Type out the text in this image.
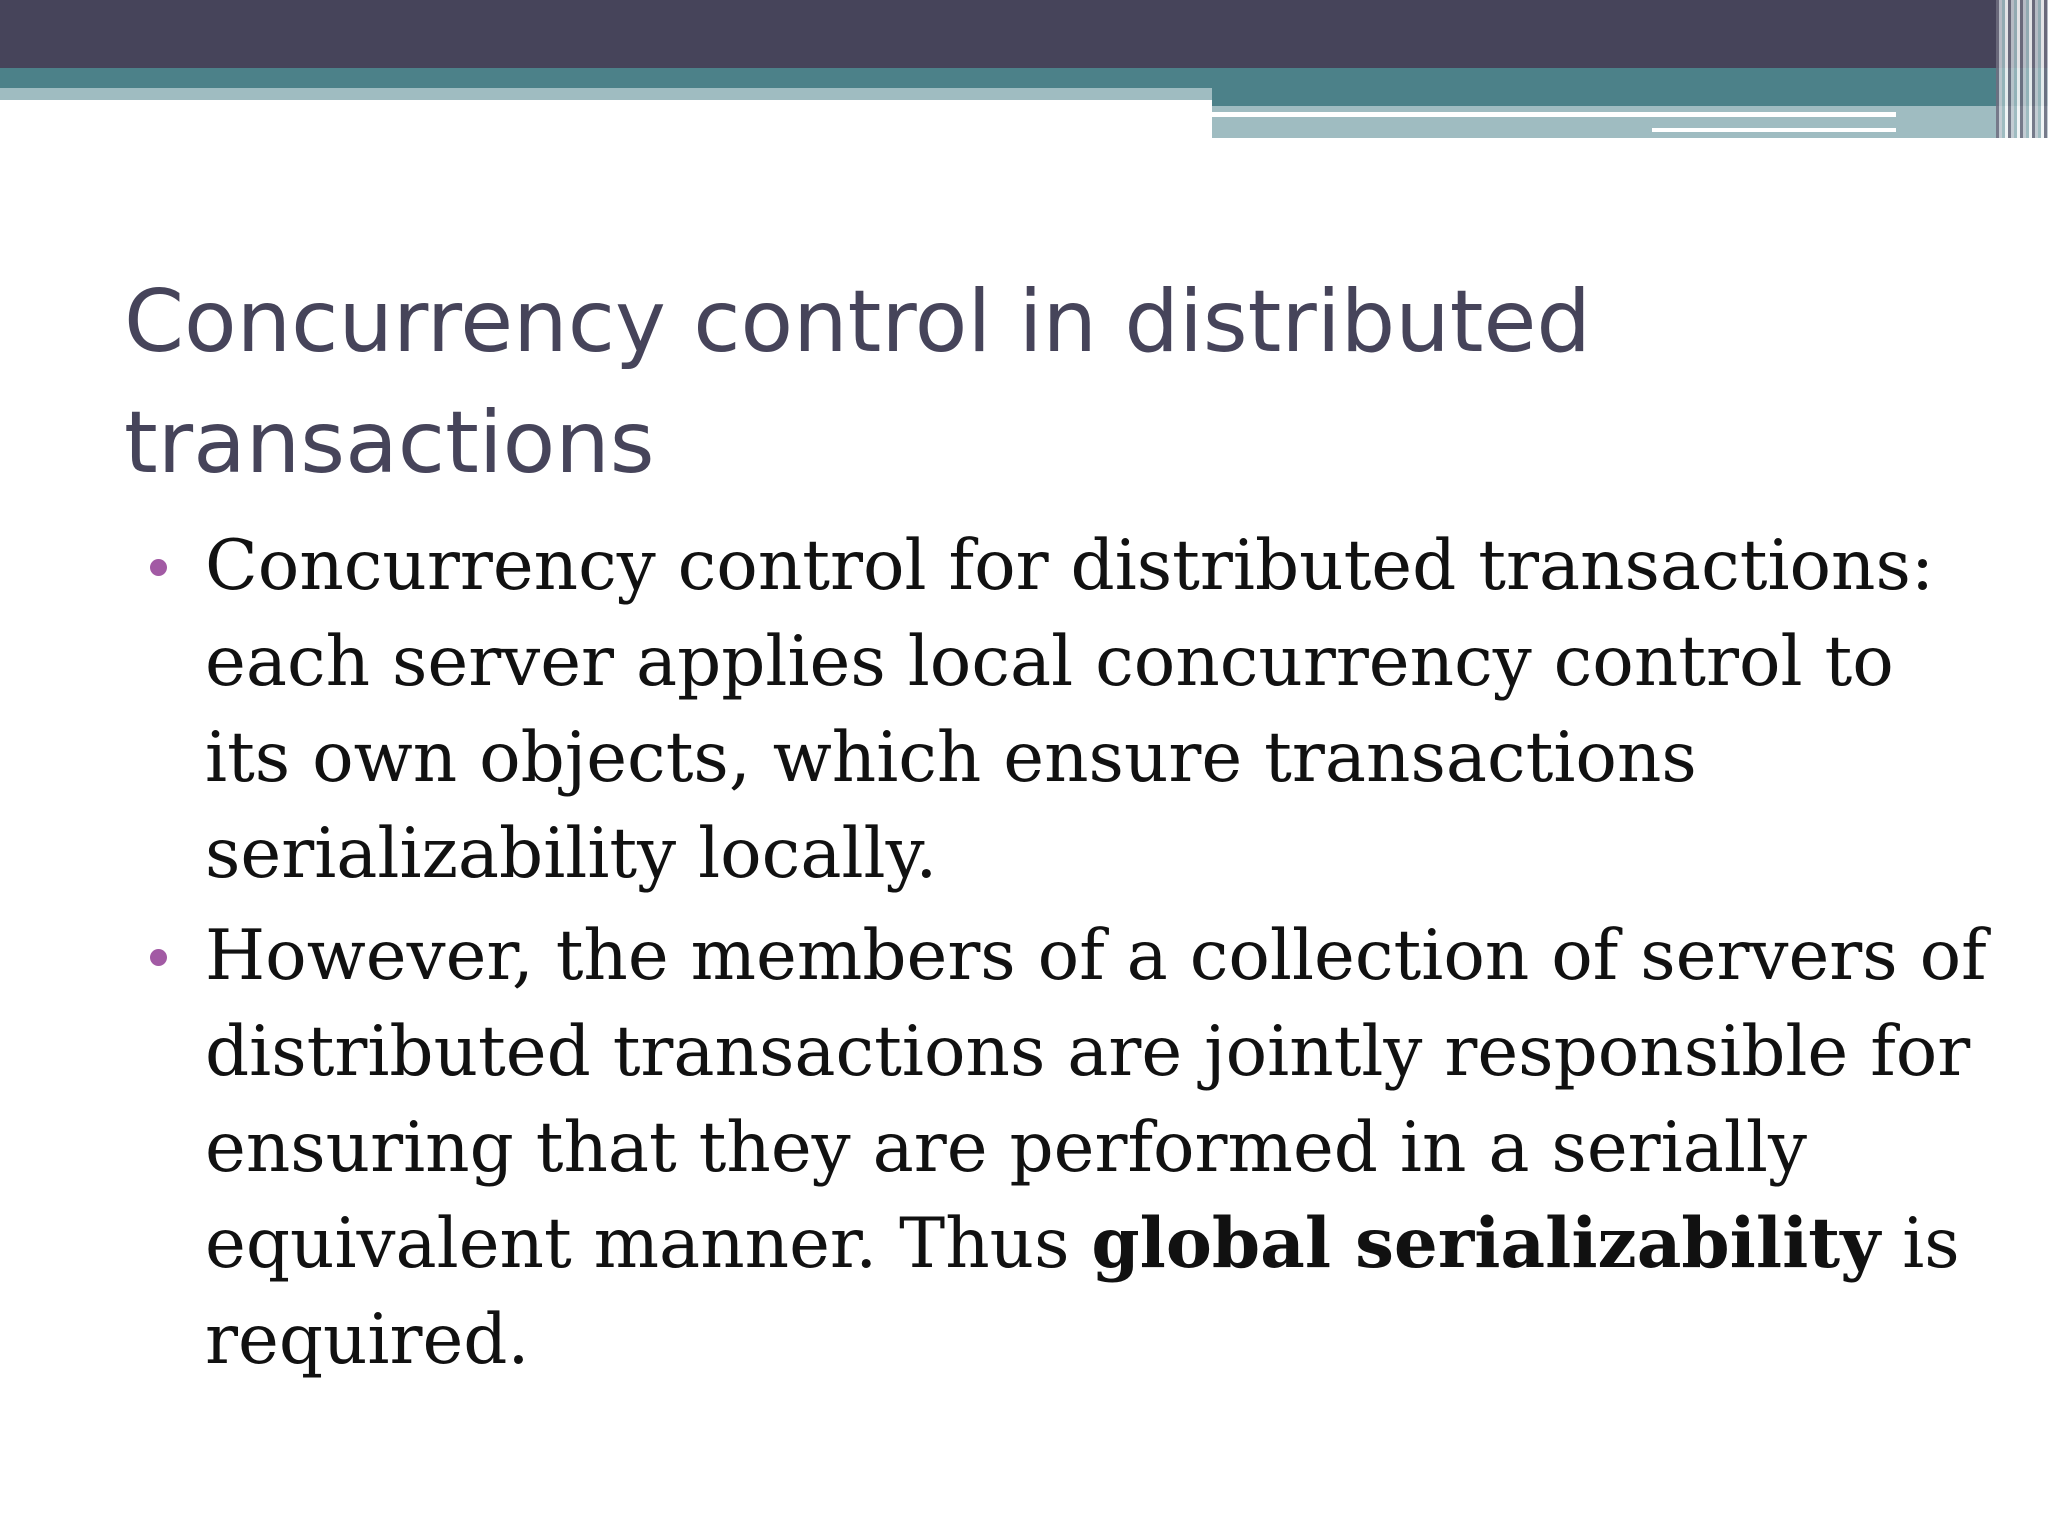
Concurrency control in distributed transactions
Concurrency control for distributed transactions: each server applies local concurrency control to its own objects, which ensure transactions serializability locally.
However, the members of a collection of servers of distributed transactions are jointly responsible for ensuring that they are performed in a serially equivalent manner. Thus global serializability is required.
